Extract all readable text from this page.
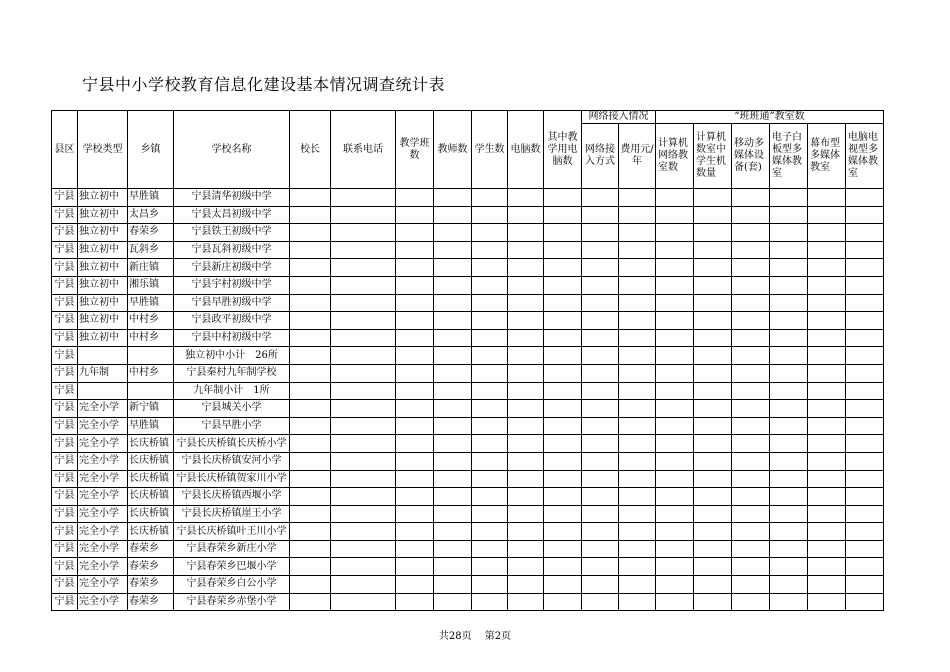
宁县中小学校教育信息化建设基本情况调查统计表
县区	学校类型	乡镇	学校名称	校长	联系电话	教学班数	教师数	学生数	电脑数	其中教学用电脑数	网络接入情况		“班班通”教室数					
											网络接入方式	费用元/年	计算机网络教室数	计算机数室中学生机数量	移动多媒体设备(套)	电子白板型多媒体教室	幕布型多媒体教室	电脑电视型多媒体教室
宁县	独立初中	早胜镇	宁县清华初级中学															
宁县	独立初中	太昌乡	宁县太昌初级中学															
宁县	独立初中	春荣乡	宁县铁王初级中学															
宁县	独立初中	瓦斜乡	宁县瓦斜初级中学															
宁县	独立初中	新庄镇	宁县新庄初级中学															
宁县	独立初中	湘乐镇	宁县宇村初级中学															
宁县	独立初中	早胜镇	宁县早胜初级中学															
宁县	独立初中	中村乡	宁县政平初级中学															
宁县	独立初中	中村乡	宁县中村初级中学															
宁县			独立初中小计　26所															
宁县	九年制	中村乡	宁县秦村九年制学校															
宁县			九年制小计　1所															
宁县	完全小学	新宁镇	宁县城关小学															
宁县	完全小学	早胜镇	宁县早胜小学															
宁县	完全小学	长庆桥镇	宁县长庆桥镇长庆桥小学															
宁县	完全小学	长庆桥镇	宁县长庆桥镇安河小学															
宁县	完全小学	长庆桥镇	宁县长庆桥镇贺家川小学															
宁县	完全小学	长庆桥镇	宁县长庆桥镇西堰小学															
宁县	完全小学	长庆桥镇	宁县长庆桥镇崖王小学															
宁县	完全小学	长庆桥镇	宁县长庆桥镇叶王川小学															
宁县	完全小学	春荣乡	宁县春荣乡新庄小学															
宁县	完全小学	春荣乡	宁县春荣乡巴堰小学															
宁县	完全小学	春荣乡	宁县春荣乡白公小学															
宁县	完全小学	春荣乡	宁县春荣乡赤堡小学															
共28页　 第2页
